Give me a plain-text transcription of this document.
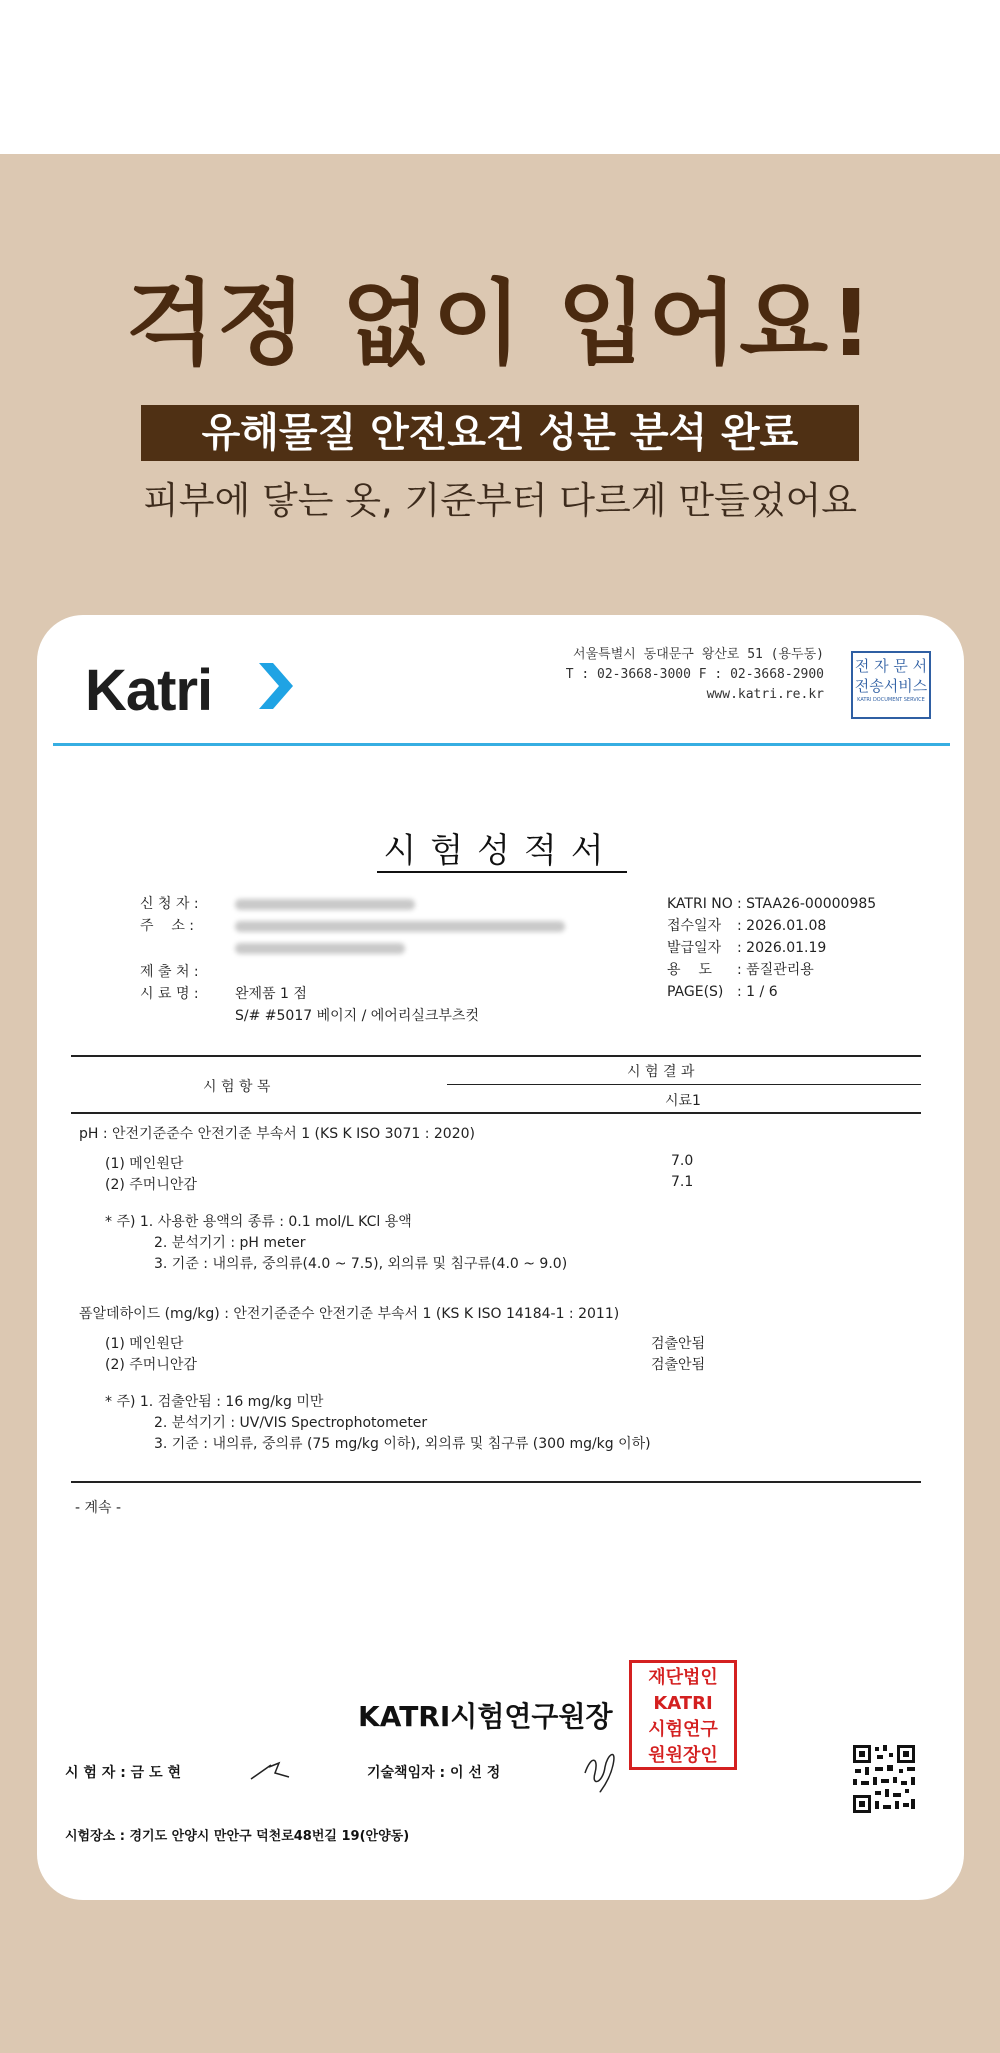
걱정 없이 입어요!
유해물질 안전요건 성분 분석 완료
피부에 닿는 옷, 기준부터 다르게 만들었어요
Katri
서울특별시 동대문구 왕산로 51 (용두동)
T : 02-3668-3000 F : 02-3668-2900
www.katri.re.kr
전 자 문 서
전송서비스
KATRI DOCUMENT SERVICE
시험성적서
신 청 자 :
주    소 :
제 출 처 :
시 료 명 :	완제품 1 점
S/# #5017 베이지 / 에어리실크부츠컷
KATRI NO : STAA26-00000985
접수일자 : 2026.01.08
발급일자 : 2026.01.19
용    도 : 품질관리용
PAGE(S) : 1 / 6
시 험 항 목
시 험 결 과
시료1
pH : 안전기준준수 안전기준 부속서 1 (KS K ISO 3071 : 2020)
(1) 메인원단	7.0
(2) 주머니안감	7.1
* 주) 1. 사용한 용액의 종류 : 0.1 mol/L KCl 용액
2. 분석기기 : pH meter
3. 기준 : 내의류, 중의류(4.0 ~ 7.5), 외의류 및 침구류(4.0 ~ 9.0)
폼알데하이드 (mg/kg) : 안전기준준수 안전기준 부속서 1 (KS K ISO 14184-1 : 2011)
(1) 메인원단	검출안됨
(2) 주머니안감	검출안됨
* 주) 1. 검출안됨 : 16 mg/kg 미만
2. 분석기기 : UV/VIS Spectrophotometer
3. 기준 : 내의류, 중의류 (75 mg/kg 이하), 외의류 및 침구류 (300 mg/kg 이하)
- 계속 -
KATRI시험연구원장
재단법인
KATRI
시험연구
원원장인
시 험 자 : 금 도 현	기술책임자 : 이 선 정
시험장소 : 경기도 안양시 만안구 덕천로48번길 19(안양동)
